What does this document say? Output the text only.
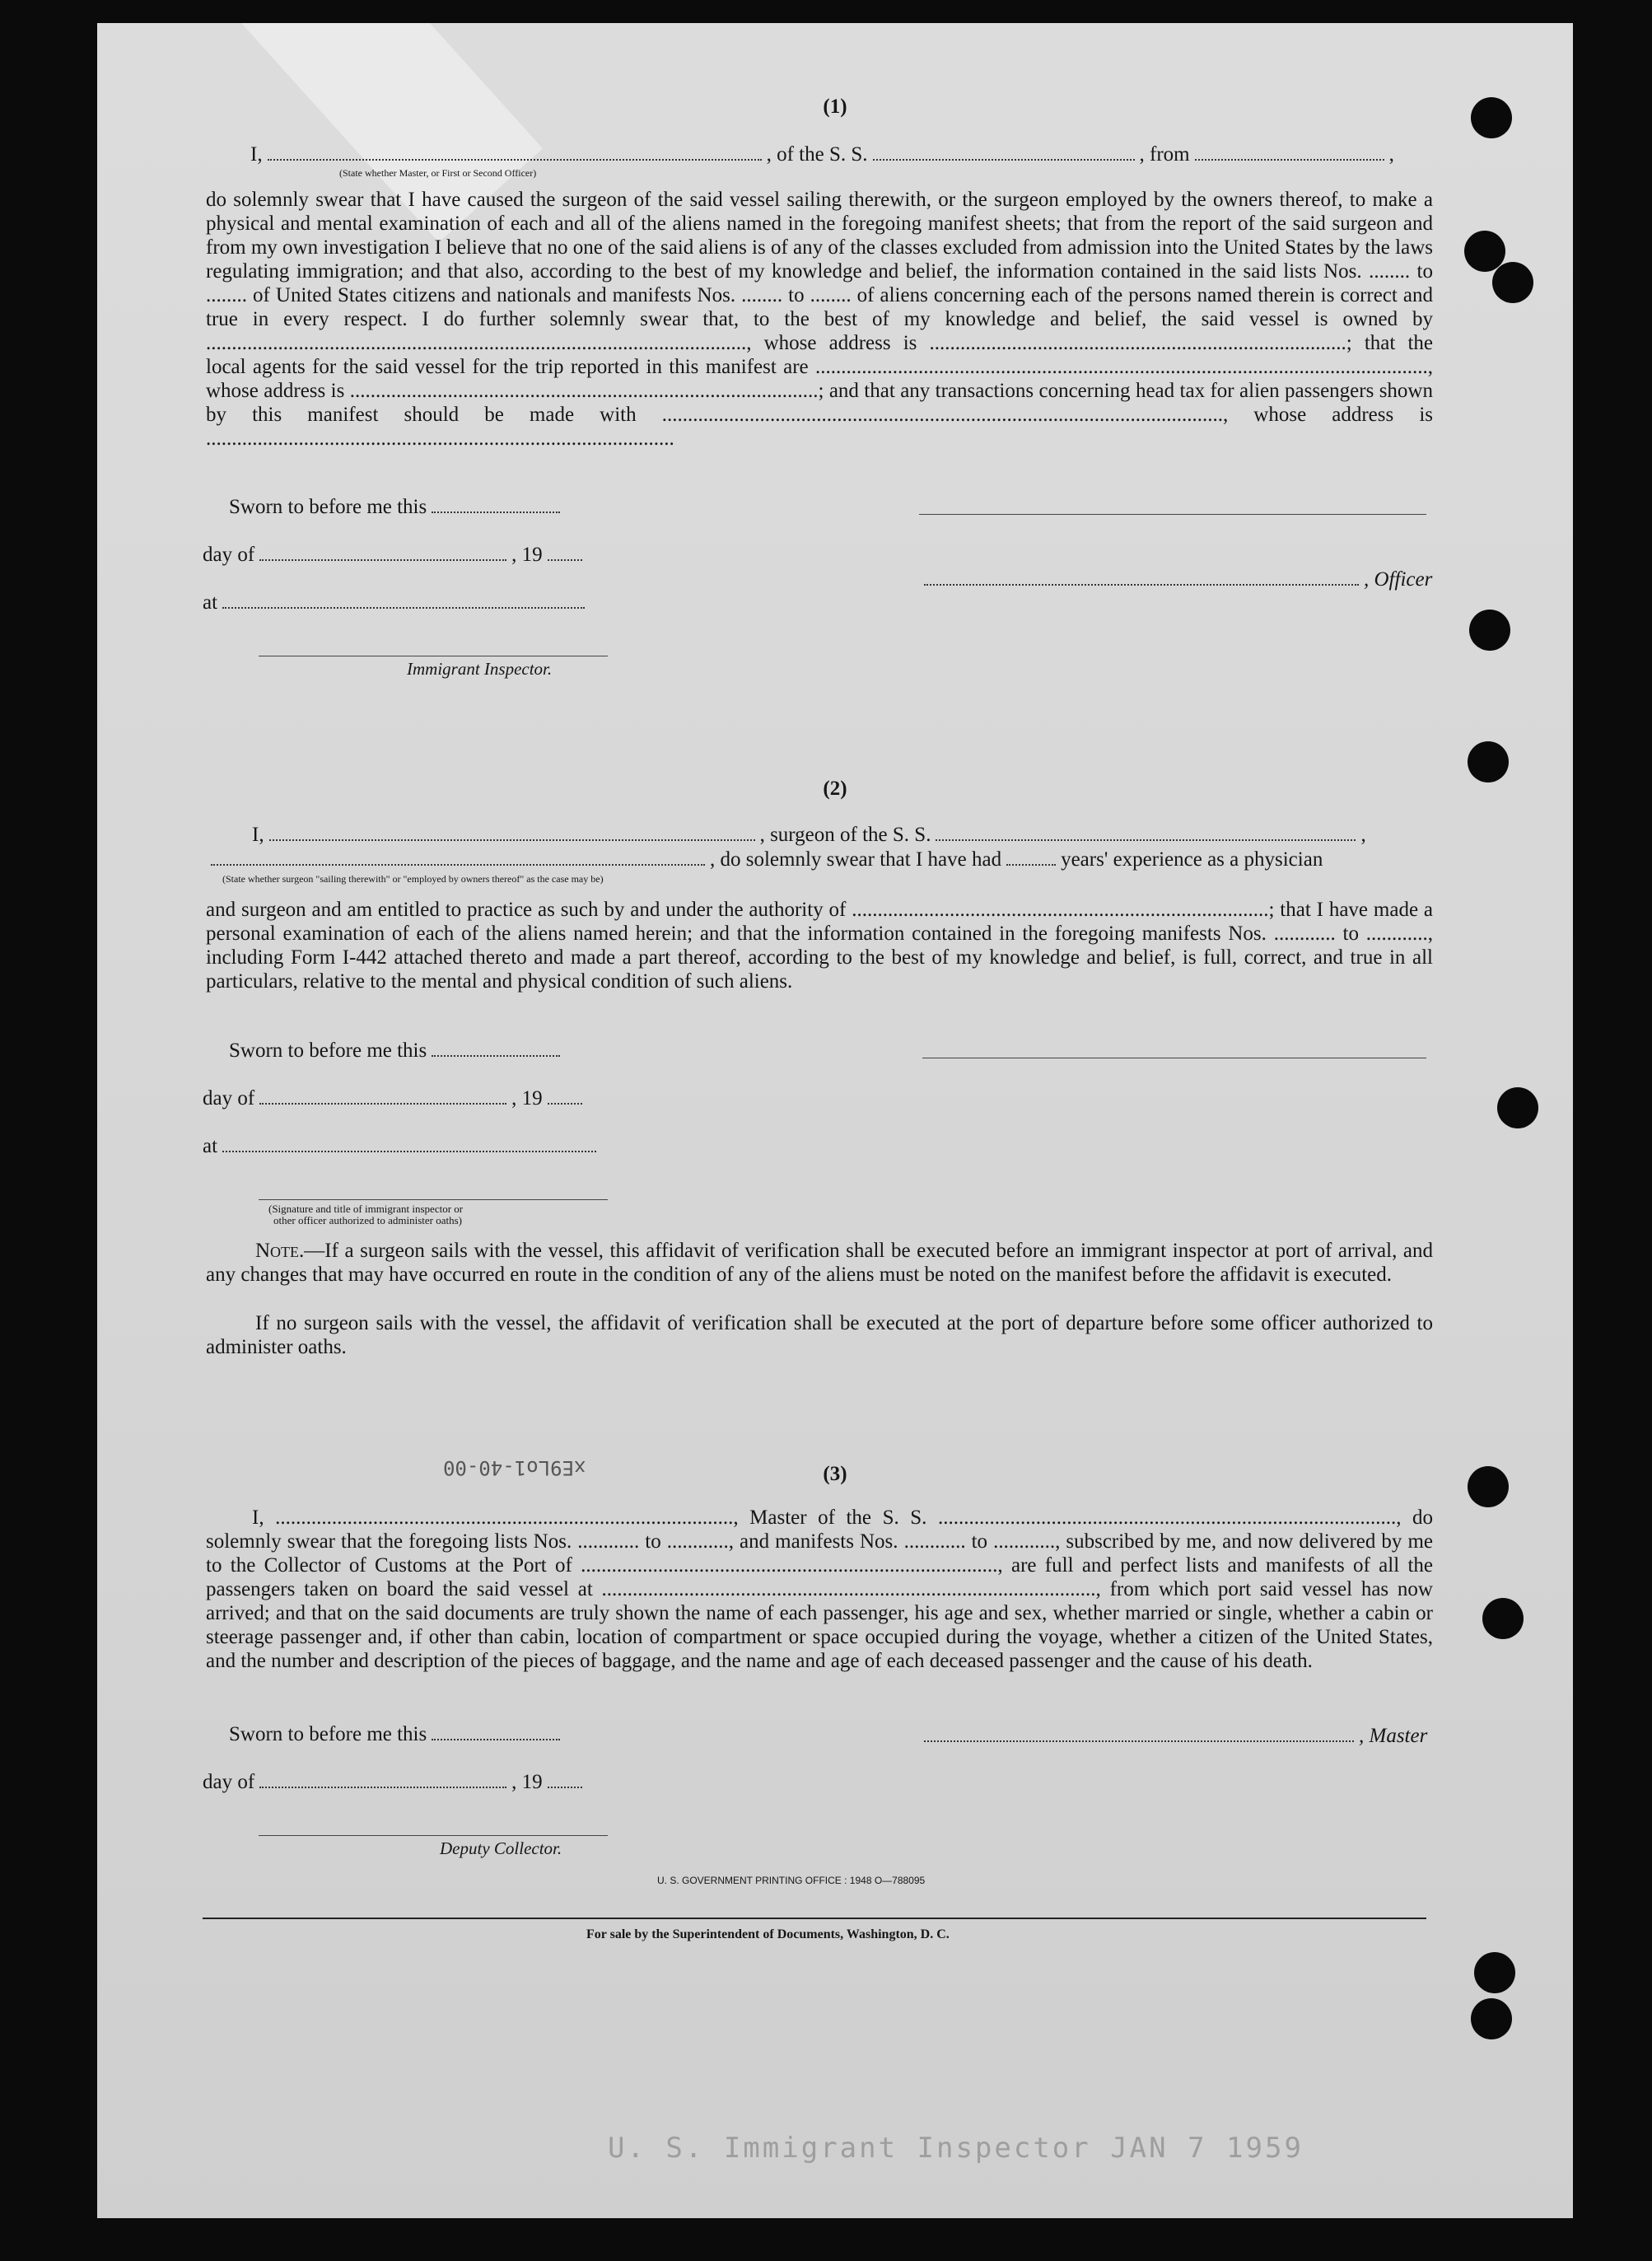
(1)
I,	, of the S. S.	, from	,
(State whether Master, or First or Second Officer)
do solemnly swear that I have caused the surgeon of the said vessel sailing therewith, or the surgeon employed by the owners thereof, to make a physical and mental examination of each and all of the aliens named in the foregoing manifest sheets; that from the report of the said surgeon and from my own investigation I believe that no one of the said aliens is of any of the classes excluded from admission into the United States by the laws regulating immigration; and that also, according to the best of my knowledge and belief, the information contained in the said lists Nos. ........ to ........ of United States citizens and nationals and manifests Nos. ........ to ........ of aliens concerning each of the persons named therein is correct and true in every respect. I do further solemnly swear that, to the best of my knowledge and belief, the said vessel is owned by ........................................................................................................., whose address is .................................................................................; that the local agents for the said vessel for the trip reported in this manifest are ......................................................................................................................., whose address is ...........................................................................................; and that any transactions concerning head tax for alien passengers shown by this manifest should be made with ............................................................................................................., whose address is ...........................................................................................
Sworn to before me this
day of	, 19
, Officer
at
Immigrant Inspector.
(2)
I,	, surgeon of the S. S.	,
, do solemnly swear that I have had	years' experience as a physician
(State whether surgeon "sailing therewith" or "employed by owners thereof" as the case may be)
and surgeon and am entitled to practice as such by and under the authority of .................................................................................; that I have made a personal examination of each of the aliens named herein; and that the information contained in the foregoing manifests Nos. ............ to ............, including Form I-442 attached thereto and made a part thereof, according to the best of my knowledge and belief, is full, correct, and true in all particulars, relative to the mental and physical condition of such aliens.
Sworn to before me this
day of	, 19
at
(Signature and title of immigrant inspector or
other officer authorized to administer oaths)
Note.—If a surgeon sails with the vessel, this affidavit of verification shall be executed before an immigrant inspector at port of arrival, and any changes that may have occurred en route in the condition of any of the aliens must be noted on the manifest before the affidavit is executed.
If no surgeon sails with the vessel, the affidavit of verification shall be executed at the port of departure before some officer authorized to administer oaths.
xE9Lo1-40-00	(3)
I, ........................................................................................., Master of the S. S. ........................................................................................., do solemnly swear that the foregoing lists Nos. ............ to ............, and manifests Nos. ............ to ............, subscribed by me, and now delivered by me to the Collector of Customs at the Port of ................................................................................., are full and perfect lists and manifests of all the passengers taken on board the said vessel at ................................................................................................, from which port said vessel has now arrived; and that on the said documents are truly shown the name of each passenger, his age and sex, whether married or single, whether a cabin or steerage passenger and, if other than cabin, location of compartment or space occupied during the voyage, whether a citizen of the United States, and the number and description of the pieces of baggage, and the name and age of each deceased passenger and the cause of his death.
Sworn to before me this	, Master
day of	, 19
Deputy Collector.
U. S. GOVERNMENT PRINTING OFFICE : 1948 O—788095
For sale by the Superintendent of Documents, Washington, D. C.
U. S. Immigrant Inspector JAN 7 1959
